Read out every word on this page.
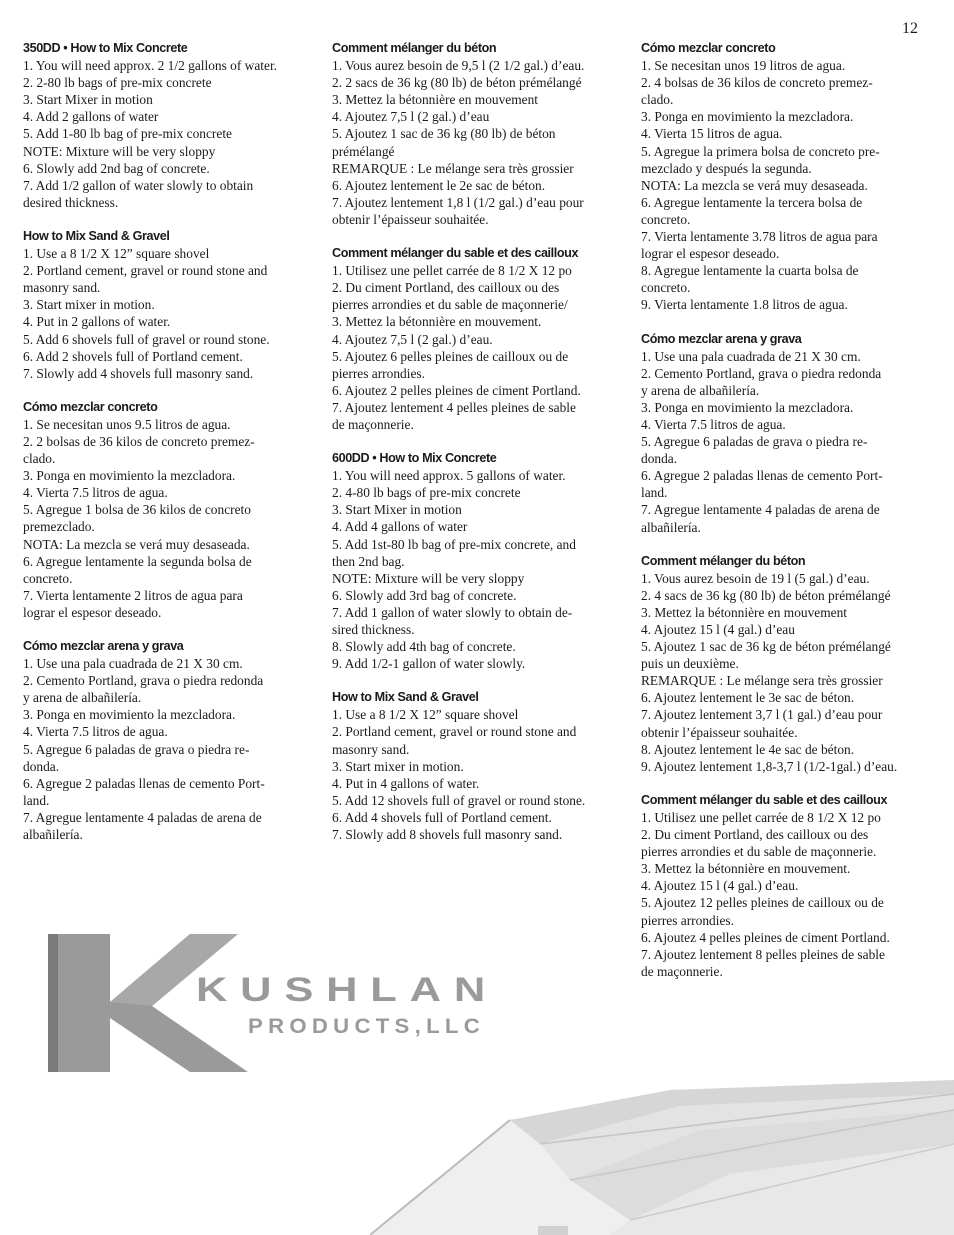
12
350DD • How to Mix Concrete
1. You will need approx. 2 1/2 gallons of water.
2. 2-80 lb bags of pre-mix concrete
3. Start Mixer in motion
4. Add 2 gallons of water
5. Add 1-80 lb bag of pre-mix concrete
NOTE: Mixture will be very sloppy
6. Slowly add 2nd bag of concrete.
7. Add 1/2 gallon of water slowly to obtain
desired thickness.
How to Mix Sand & Gravel
1. Use a 8 1/2 X 12” square shovel
2. Portland cement, gravel or round stone and
masonry sand.
3. Start mixer in motion.
4. Put in 2 gallons of water.
5. Add 6 shovels full of gravel or round stone.
6. Add 2 shovels full of Portland cement.
7. Slowly add 4 shovels full masonry sand.
Cómo mezclar concreto
1. Se necesitan unos 9.5 litros de agua.
2. 2 bolsas de 36 kilos de concreto premez-
clado.
3. Ponga en movimiento la mezcladora.
4. Vierta 7.5 litros de agua.
5. Agregue 1 bolsa de 36 kilos de concreto
premezclado.
NOTA: La mezcla se verá muy desaseada.
6. Agregue lentamente la segunda bolsa de
concreto.
7. Vierta lentamente 2 litros de agua para
lograr el espesor deseado.
Cómo mezclar arena y grava
1. Use una pala cuadrada de 21 X 30 cm.
2. Cemento Portland, grava o piedra redonda
y arena de albañilería.
3. Ponga en movimiento la mezcladora.
4. Vierta 7.5 litros de agua.
5. Agregue 6 paladas de grava o piedra re-
donda.
6. Agregue 2 paladas llenas de cemento Port-
land.
7. Agregue lentamente 4 paladas de arena de
albañilería.
Comment mélanger du béton
1. Vous aurez besoin de 9,5 l (2 1/2 gal.) d’eau.
2. 2 sacs de 36 kg (80 lb) de béton prémélangé
3. Mettez la bétonnière en mouvement
4. Ajoutez 7,5 l (2 gal.) d’eau
5. Ajoutez 1 sac de 36 kg (80 lb) de béton
prémélangé
REMARQUE : Le mélange sera très grossier
6. Ajoutez lentement le 2e sac de béton.
7. Ajoutez lentement 1,8 l (1/2 gal.) d’eau pour
obtenir l’épaisseur souhaitée.
Comment mélanger du sable et des cailloux
1. Utilisez une pellet carrée de 8 1/2 X 12 po
2. Du ciment Portland, des cailloux ou des
pierres arrondies et du sable de maçonnerie/
3. Mettez la bétonnière en mouvement.
4. Ajoutez 7,5 l (2 gal.) d’eau.
5. Ajoutez 6 pelles pleines de cailloux ou de
pierres arrondies.
6. Ajoutez 2 pelles pleines de ciment Portland.
7. Ajoutez lentement 4 pelles pleines de sable
de maçonnerie.
600DD • How to Mix Concrete
1. You will need approx. 5 gallons of water.
2. 4-80 lb bags of pre-mix concrete
3. Start Mixer in motion
4. Add 4 gallons of water
5. Add 1st-80 lb bag of pre-mix concrete, and
then 2nd bag.
NOTE: Mixture will be very sloppy
6. Slowly add 3rd bag of concrete.
7. Add 1 gallon of water slowly to obtain de-
sired thickness.
8. Slowly add 4th bag of concrete.
9. Add 1/2-1 gallon of water slowly.
How to Mix Sand & Gravel
1. Use a 8 1/2 X 12” square shovel
2. Portland cement, gravel or round stone and
masonry sand.
3. Start mixer in motion.
4. Put in 4 gallons of water.
5. Add 12 shovels full of gravel or round stone.
6. Add 4 shovels full of Portland cement.
7. Slowly add 8 shovels full masonry sand.
Cómo mezclar concreto
1. Se necesitan unos 19 litros de agua.
2. 4 bolsas de 36 kilos de concreto premez-
clado.
3. Ponga en movimiento la mezcladora.
4. Vierta 15 litros de agua.
5. Agregue la primera bolsa de concreto pre-
mezclado y después la segunda.
NOTA: La mezcla se verá muy desaseada.
6. Agregue lentamente la tercera bolsa de
concreto.
7. Vierta lentamente 3.78 litros de agua para
lograr el espesor deseado.
8. Agregue lentamente la cuarta bolsa de
concreto.
9. Vierta lentamente 1.8 litros de agua.
Cómo mezclar arena y grava
1. Use una pala cuadrada de 21 X 30 cm.
2. Cemento Portland, grava o piedra redonda
y arena de albañilería.
3. Ponga en movimiento la mezcladora.
4. Vierta 7.5 litros de agua.
5. Agregue 6 paladas de grava o piedra re-
donda.
6. Agregue 2 paladas llenas de cemento Port-
land.
7. Agregue lentamente 4 paladas de arena de
albañilería.
Comment mélanger du béton
1. Vous aurez besoin de 19 l (5 gal.) d’eau.
2. 4 sacs de 36 kg (80 lb) de béton prémélangé
3. Mettez la bétonnière en mouvement
4. Ajoutez 15 l (4 gal.) d’eau
5. Ajoutez 1 sac de 36 kg de béton prémélangé
puis un deuxième.
REMARQUE : Le mélange sera très grossier
6. Ajoutez lentement le 3e sac de béton.
7. Ajoutez lentement 3,7 l (1 gal.) d’eau pour
obtenir l’épaisseur souhaitée.
8. Ajoutez lentement le 4e sac de béton.
9. Ajoutez lentement 1,8-3,7 l (1/2-1gal.) d’eau.
Comment mélanger du sable et des cailloux
1. Utilisez une pellet carrée de 8 1/2 X 12 po
2. Du ciment Portland, des cailloux ou des
pierres arrondies et du sable de maçonnerie.
3. Mettez la bétonnière en mouvement.
4. Ajoutez 15 l (4 gal.) d’eau.
5. Ajoutez 12 pelles pleines de cailloux ou de
pierres arrondies.
6. Ajoutez 4 pelles pleines de ciment Portland.
7. Ajoutez lentement 8 pelles pleines de sable
de maçonnerie.
KUSHLAN
PRODUCTS,LLC
